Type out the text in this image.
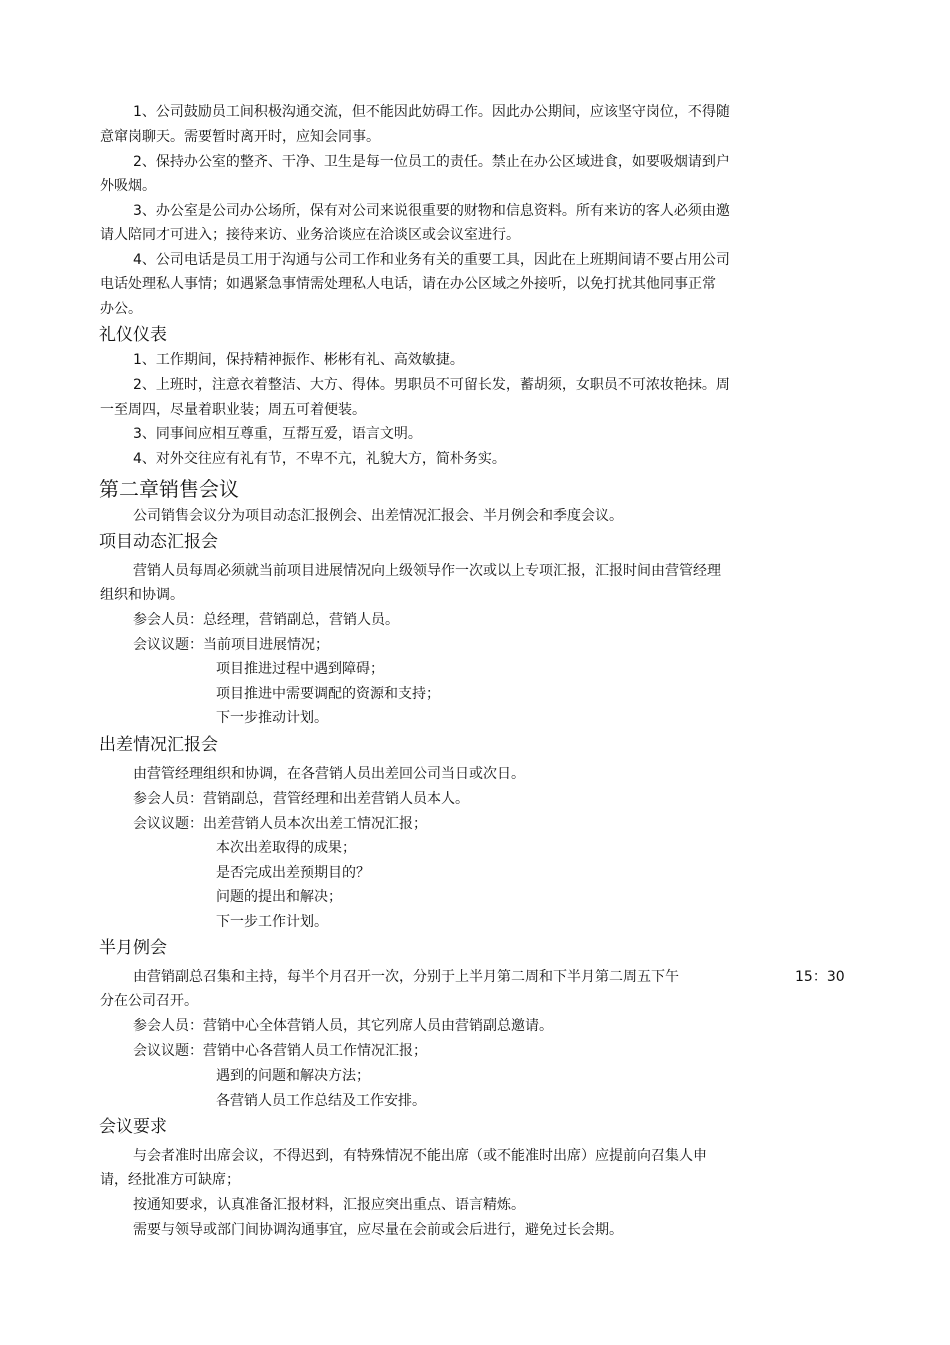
1、公司鼓励员工间积极沟通交流，但不能因此妨碍工作。因此办公期间，应该坚守岗位，不得随
意窜岗聊天。需要暂时离开时，应知会同事。
2、保持办公室的整齐、干净、卫生是每一位员工的责任。禁止在办公区域进食，如要吸烟请到户
外吸烟。
3、办公室是公司办公场所，保有对公司来说很重要的财物和信息资料。所有来访的客人必须由邀
请人陪同才可进入；接待来访、业务洽谈应在洽谈区或会议室进行。
4、公司电话是员工用于沟通与公司工作和业务有关的重要工具，因此在上班期间请不要占用公司
电话处理私人事情；如遇紧急事情需处理私人电话，请在办公区域之外接听，以免打扰其他同事正常
办公。
礼仪仪表
1、工作期间，保持精神振作、彬彬有礼、高效敏捷。
2、上班时，注意衣着整洁、大方、得体。男职员不可留长发，蓄胡须，女职员不可浓妆艳抹。周
一至周四，尽量着职业装；周五可着便装。
3、同事间应相互尊重，互帮互爱，语言文明。
4、对外交往应有礼有节，不卑不亢，礼貌大方，简朴务实。
第二章销售会议
公司销售会议分为项目动态汇报例会、出差情况汇报会、半月例会和季度会议。
项目动态汇报会
营销人员每周必须就当前项目进展情况向上级领导作一次或以上专项汇报，汇报时间由营管经理
组织和协调。
参会人员：总经理，营销副总，营销人员。
会议议题：当前项目进展情况；
项目推进过程中遇到障碍；
项目推进中需要调配的资源和支持；
下一步推动计划。
出差情况汇报会
由营管经理组织和协调，在各营销人员出差回公司当日或次日。
参会人员：营销副总，营管经理和出差营销人员本人。
会议议题：出差营销人员本次出差工情况汇报；
本次出差取得的成果；
是否完成出差预期目的？
问题的提出和解决；
下一步工作计划。
半月例会
由营销副总召集和主持，每半个月召开一次，分别于上半月第二周和下半月第二周五下午	15：30
分在公司召开。
参会人员：营销中心全体营销人员，其它列席人员由营销副总邀请。
会议议题：营销中心各营销人员工作情况汇报；
遇到的问题和解决方法；
各营销人员工作总结及工作安排。
会议要求
与会者准时出席会议，不得迟到，有特殊情况不能出席（或不能准时出席）应提前向召集人申
请，经批准方可缺席；
按通知要求，认真准备汇报材料，汇报应突出重点、语言精炼。
需要与领导或部门间协调沟通事宜，应尽量在会前或会后进行，避免过长会期。
